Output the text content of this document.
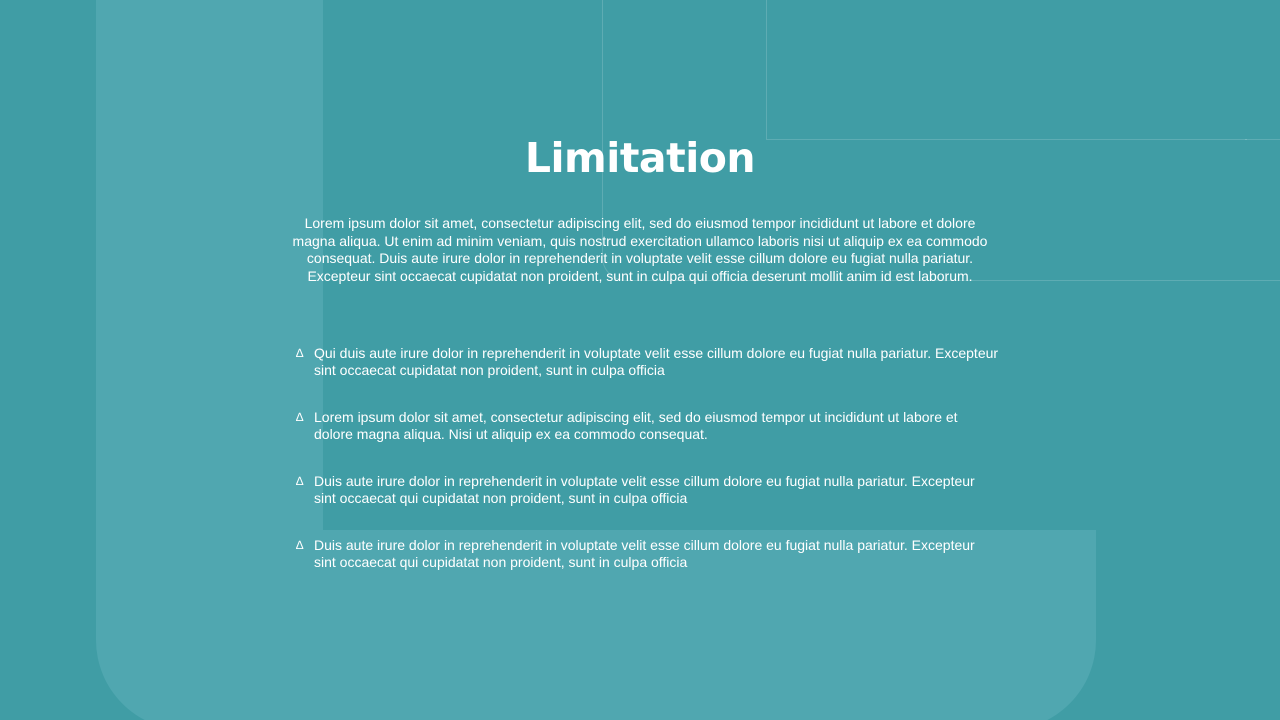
Limitation

Lorem ipsum dolor sit amet, consectetur adipiscing elit, sed do eiusmod tempor incididunt ut labore et dolore magna aliqua. Ut enim ad minim veniam, quis nostrud exercitation ullamco laboris nisi ut aliquip ex ea commodo consequat. Duis aute irure dolor in reprehenderit in voluptate velit esse cillum dolore eu fugiat nulla pariatur. Excepteur sint occaecat cupidatat non proident, sunt in culpa qui officia deserunt mollit anim id est laborum.

∆ Qui duis aute irure dolor in reprehenderit in voluptate velit esse cillum dolore eu fugiat nulla pariatur. Excepteur sint occaecat cupidatat non proident, sunt in culpa officia
∆ Lorem ipsum dolor sit amet, consectetur adipiscing elit, sed do eiusmod tempor ut incididunt ut labore et dolore magna aliqua. Nisi ut aliquip ex ea commodo consequat.
∆ Duis aute irure dolor in reprehenderit in voluptate velit esse cillum dolore eu fugiat nulla pariatur. Excepteur sint occaecat qui cupidatat non proident, sunt in culpa officia
∆ Duis aute irure dolor in reprehenderit in voluptate velit esse cillum dolore eu fugiat nulla pariatur. Excepteur sint occaecat qui cupidatat non proident, sunt in culpa officia
